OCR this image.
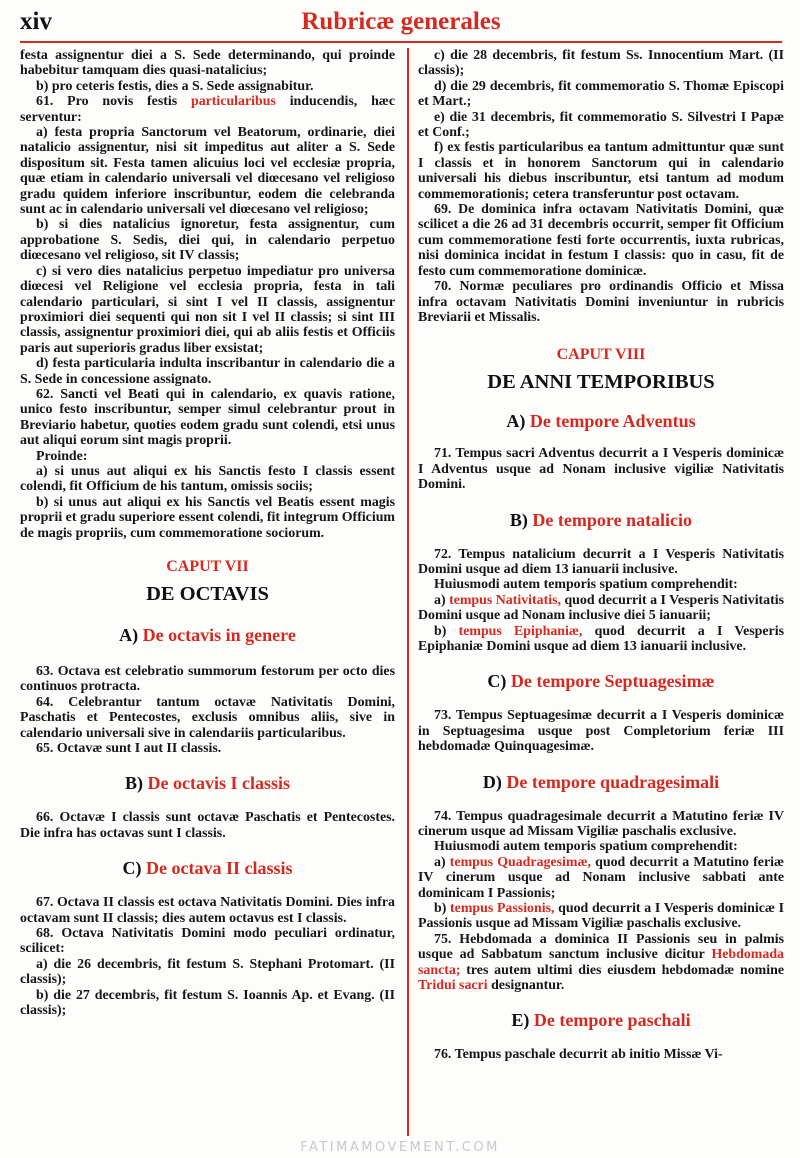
xiv	Rubricæ generales

festa assignentur diei a S. Sede determinando, qui proinde habebitur tamquam dies quasi-natalicius;

b) pro ceteris festis, dies a S. Sede assignabitur.

61. Pro novis festis particularibus inducendis, hæc serventur:

a) festa propria Sanctorum vel Beatorum, ordinarie, diei natalicio assignentur, nisi sit impeditus aut aliter a S. Sede dispositum sit. Festa tamen alicuius loci vel ecclesiæ propria, quæ etiam in calendario universali vel diœcesano vel religioso gradu quidem inferiore inscribuntur, eodem die celebranda sunt ac in calendario universali vel diœcesano vel religioso;

b) si dies natalicius ignoretur, festa assignentur, cum approbatione S. Sedis, diei qui, in calendario perpetuo diœcesano vel religioso, sit IV classis;

c) si vero dies natalicius perpetuo impediatur pro universa diœcesi vel Religione vel ecclesia propria, festa in tali calendario particulari, si sint I vel II classis, assignentur proximiori diei sequenti qui non sit I vel II classis; si sint III classis, assignentur proximiori diei, qui ab aliis festis et Officiis paris aut superioris gradus liber exsistat;

d) festa particularia indulta inscribantur in calendario die a S. Sede in concessione assignato.

62. Sancti vel Beati qui in calendario, ex quavis ratione, unico festo inscribuntur, semper simul celebrantur prout in Breviario habetur, quoties eodem gradu sunt colendi, etsi unus aut aliqui eorum sint magis proprii.

Proinde:

a) si unus aut aliqui ex his Sanctis festo I classis essent colendi, fit Officium de his tantum, omissis sociis;

b) si unus aut aliqui ex his Sanctis vel Beatis essent magis proprii et gradu superiore essent colendi, fit integrum Officium de magis propriis, cum commemoratione sociorum.

CAPUT VII
DE OCTAVIS
A) De octavis in genere

63. Octava est celebratio summorum festorum per octo dies continuos protracta.

64. Celebrantur tantum octavæ Nativitatis Domini, Paschatis et Pentecostes, exclusis omnibus aliis, sive in calendario universali sive in calendariis particularibus.

65. Octavæ sunt I aut II classis.

B) De octavis I classis

66. Octavæ I classis sunt octavæ Paschatis et Pentecostes. Die infra has octavas sunt I classis.

C) De octava II classis

67. Octava II classis est octava Nativitatis Domini. Dies infra octavam sunt II classis; dies autem octavus est I classis.

68. Octava Nativitatis Domini modo peculiari ordinatur, scilicet:

a) die 26 decembris, fit festum S. Stephani Protomart. (II classis);

b) die 27 decembris, fit festum S. Ioannis Ap. et Evang. (II classis);

c) die 28 decembris, fit festum Ss. Innocentium Mart. (II classis);

d) die 29 decembris, fit commemoratio S. Thomæ Episcopi et Mart.;

e) die 31 decembris, fit commemoratio S. Silvestri I Papæ et Conf.;

f) ex festis particularibus ea tantum admittuntur quæ sunt I classis et in honorem Sanctorum qui in calendario universali his diebus inscribuntur, etsi tantum ad modum commemorationis; cetera transferuntur post octavam.

69. De dominica infra octavam Nativitatis Domini, quæ scilicet a die 26 ad 31 decembris occurrit, semper fit Officium cum commemoratione festi forte occurrentis, iuxta rubricas, nisi dominica incidat in festum I classis: quo in casu, fit de festo cum commemoratione dominicæ.

70. Normæ peculiares pro ordinandis Officio et Missa infra octavam Nativitatis Domini inveniuntur in rubricis Breviarii et Missalis.

CAPUT VIII
DE ANNI TEMPORIBUS
A) De tempore Adventus

71. Tempus sacri Adventus decurrit a I Vesperis dominicæ I Adventus usque ad Nonam inclusive vigiliæ Nativitatis Domini.

B) De tempore natalicio

72. Tempus natalicium decurrit a I Vesperis Nativitatis Domini usque ad diem 13 ianuarii inclusive.

Huiusmodi autem temporis spatium comprehendit:

a) tempus Nativitatis, quod decurrit a I Vesperis Nativitatis Domini usque ad Nonam inclusive diei 5 ianuarii;

b) tempus Epiphaniæ, quod decurrit a I Vesperis Epiphaniæ Domini usque ad diem 13 ianuarii inclusive.

C) De tempore Septuagesimæ

73. Tempus Septuagesimæ decurrit a I Vesperis dominicæ in Septuagesima usque post Completorium feriæ III hebdomadæ Quinquagesimæ.

D) De tempore quadragesimali

74. Tempus quadragesimale decurrit a Matutino feriæ IV cinerum usque ad Missam Vigiliæ paschalis exclusive.

Huiusmodi autem temporis spatium comprehendit:

a) tempus Quadragesimæ, quod decurrit a Matutino feriæ IV cinerum usque ad Nonam inclusive sabbati ante dominicam I Passionis;

b) tempus Passionis, quod decurrit a I Vesperis dominicæ I Passionis usque ad Missam Vigiliæ paschalis exclusive.

75. Hebdomada a dominica II Passionis seu in palmis usque ad Sabbatum sanctum inclusive dicitur Hebdomada sancta; tres autem ultimi dies eiusdem hebdomadæ nomine Tridui sacri designantur.

E) De tempore paschali

76. Tempus paschale decurrit ab initio Missæ Vi-

FATIMAMOVEMENT.COM
